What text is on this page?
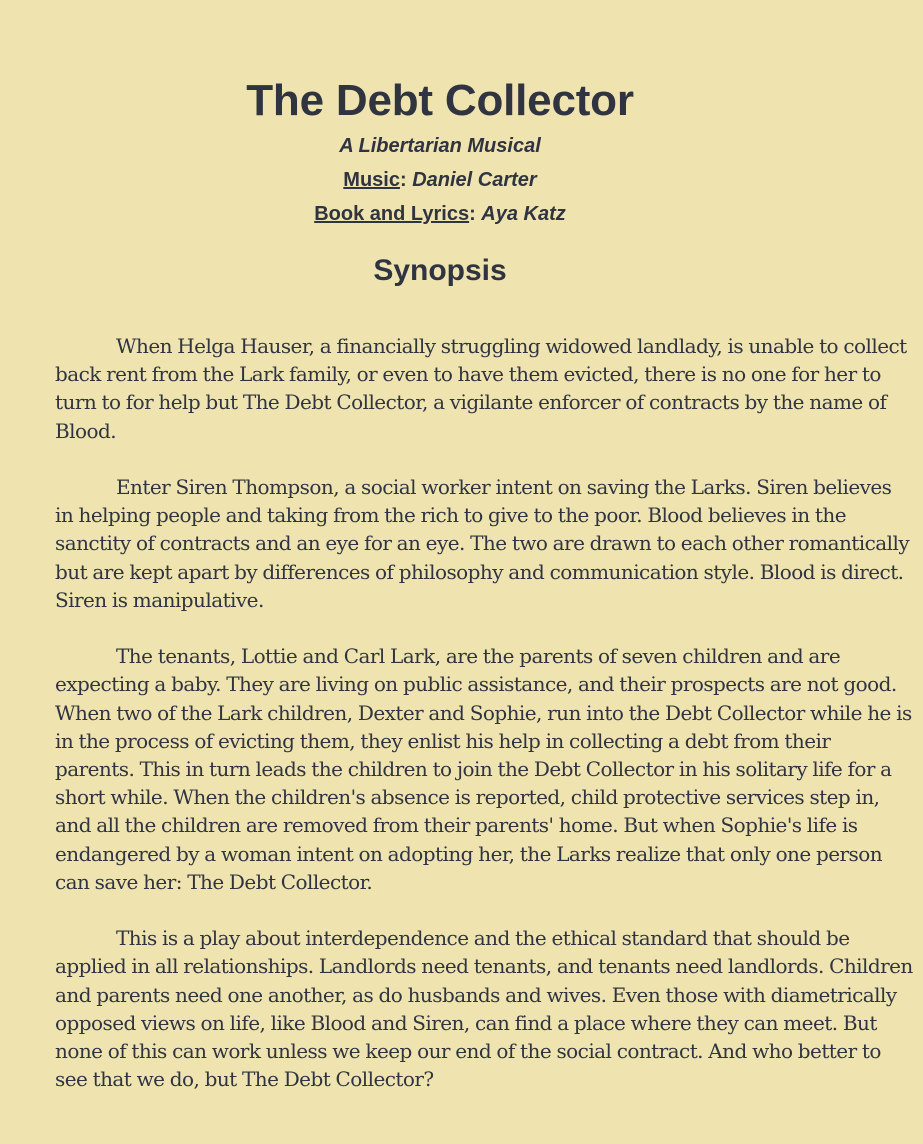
The Debt Collector
A Libertarian Musical
Music: Daniel Carter
Book and Lyrics: Aya Katz
Synopsis

When Helga Hauser, a financially struggling widowed landlady, is unable to collect back rent from the Lark family, or even to have them evicted, there is no one for her to turn to for help but The Debt Collector, a vigilante enforcer of contracts by the name of Blood.

Enter Siren Thompson, a social worker intent on saving the Larks. Siren believes in helping people and taking from the rich to give to the poor. Blood believes in the sanctity of contracts and an eye for an eye. The two are drawn to each other romantically but are kept apart by differences of philosophy and communication style. Blood is direct. Siren is manipulative.

The tenants, Lottie and Carl Lark, are the parents of seven children and are expecting a baby. They are living on public assistance, and their prospects are not good. When two of the Lark children, Dexter and Sophie, run into the Debt Collector while he is in the process of evicting them, they enlist his help in collecting a debt from their parents. This in turn leads the children to join the Debt Collector in his solitary life for a short while. When the children's absence is reported, child protective services step in, and all the children are removed from their parents' home. But when Sophie's life is endangered by a woman intent on adopting her, the Larks realize that only one person can save her: The Debt Collector.

This is a play about interdependence and the ethical standard that should be applied in all relationships. Landlords need tenants, and tenants need landlords. Children and parents need one another, as do husbands and wives. Even those with diametrically opposed views on life, like Blood and Siren, can find a place where they can meet. But none of this can work unless we keep our end of the social contract. And who better to see that we do, but The Debt Collector?
